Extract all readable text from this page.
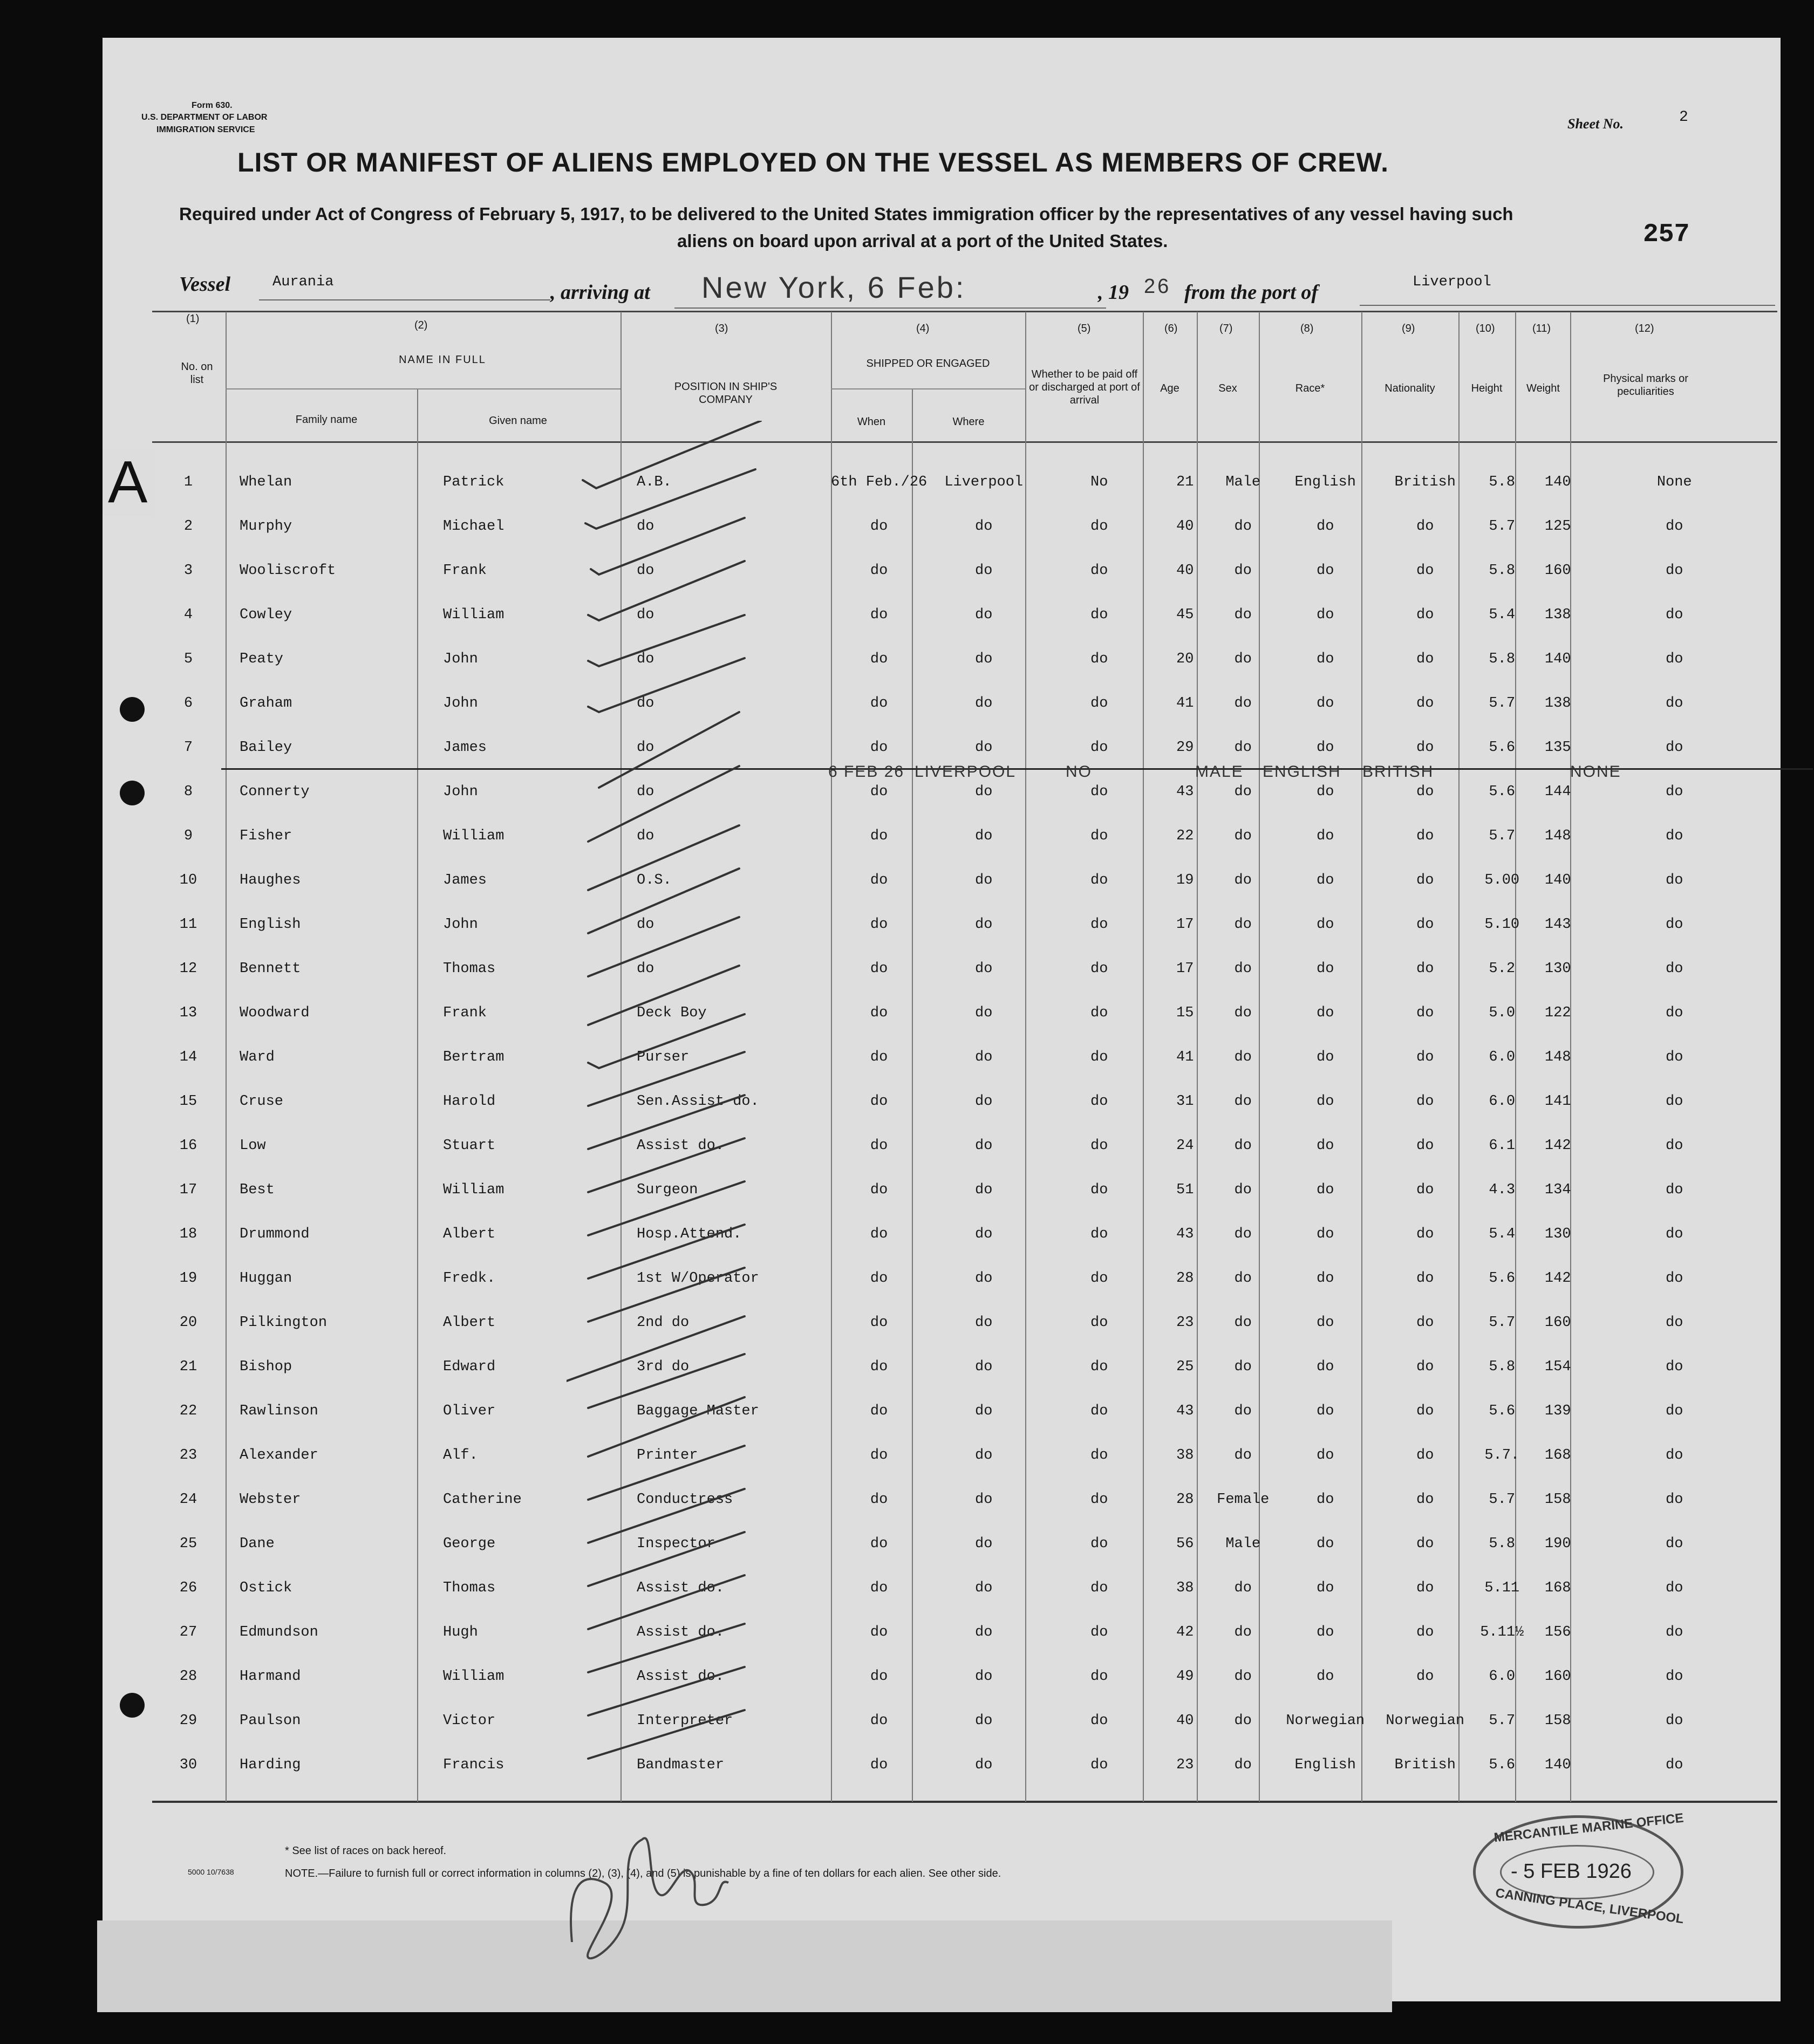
Form 630.
U.S. DEPARTMENT OF LABOR
IMMIGRATION SERVICE	Sheet No.	2
LIST OR MANIFEST OF ALIENS EMPLOYED ON THE VESSEL AS MEMBERS OF CREW.
Required under Act of Congress of February 5, 1917, to be delivered to the United States immigration officer by the representatives of any vessel having such
aliens on board upon arrival at a port of the United States.	257
Vessel	Aurania	, arriving at New York, 6 Feb:	, 19 26 from the port of	Liverpool
(1)
(2)	(3)	(4)	(5)	(6)	(7)	(8)	(9)	(10)	(11)	(12)
No. on list
NAME IN FULL
Family name	Given name
POSITION IN SHIP'S COMPANY
SHIPPED OR ENGAGED
When	Where
Whether to be paid off or discharged at port of arrival
Age	Sex	Race*	Nationality	Height	Weight
Physical marks or peculiarities
1	Whelan	Patrick	A.B.	6th Feb./26	Liverpool	No	21	Male	English	British	5.8	140	None
2	Murphy	Michael	do	do	do	do	40	do	do	do	5.7	125	do
3	Wooliscroft	Frank	do	do	do	do	40	do	do	do	5.8	160	do
4	Cowley	William	do	do	do	do	45	do	do	do	5.4	138	do
5	Peaty	John	do	do	do	do	20	do	do	do	5.8	140	do
6	Graham	John	do	do	do	do	41	do	do	do	5.7	138	do
7	Bailey	James	do	do	do	do	29	do	do	do	5.6	135	do
8	Connerty	John	do	do	do	do	43	do	do	do	5.6	144	do
9	Fisher	William	do	do	do	do	22	do	do	do	5.7	148	do
10	Haughes	James	O.S.	do	do	do	19	do	do	do	5.00	140	do
11	English	John	do	do	do	do	17	do	do	do	5.10	143	do
12	Bennett	Thomas	do	do	do	do	17	do	do	do	5.2	130	do
13	Woodward	Frank	Deck Boy	do	do	do	15	do	do	do	5.0	122	do
14	Ward	Bertram	Purser	do	do	do	41	do	do	do	6.0	148	do
15	Cruse	Harold	Sen.Assist do.	do	do	do	31	do	do	do	6.0	141	do
16	Low	Stuart	Assist do.	do	do	do	24	do	do	do	6.1	142	do
17	Best	William	Surgeon	do	do	do	51	do	do	do	4.3	134	do
18	Drummond	Albert	Hosp.Attend.	do	do	do	43	do	do	do	5.4	130	do
19	Huggan	Fredk.	1st W/Operator	do	do	do	28	do	do	do	5.6	142	do
20	Pilkington	Albert	2nd do	do	do	do	23	do	do	do	5.7	160	do
21	Bishop	Edward	3rd do	do	do	do	25	do	do	do	5.8	154	do
22	Rawlinson	Oliver	Baggage Master	do	do	do	43	do	do	do	5.6	139	do
23	Alexander	Alf.	Printer	do	do	do	38	do	do	do	5.7.	168	do
24	Webster	Catherine	Conductress	do	do	do	28	Female	do	do	5.7	158	do
25	Dane	George	Inspector	do	do	do	56	Male	do	do	5.8	190	do
26	Ostick	Thomas	Assist do.	do	do	do	38	do	do	do	5.11	168	do
27	Edmundson	Hugh	Assist do.	do	do	do	42	do	do	do	5.11½	156	do
28	Harmand	William	Assist do.	do	do	do	49	do	do	do	6.0	160	do
29	Paulson	Victor	Interpreter	do	do	do	40	do	Norwegian	Norwegian	5.7	158	do
30	Harding	Francis	Bandmaster	do	do	do	23	do	English	British	5.6	140	do
6 FEB 26 LIVERPOOL	NO	MALE ENGLISH BRITISH	NONE
A
* See list of races on back hereof.
NOTE.—Failure to furnish full or correct information in columns (2), (3), (4), and (5) is punishable by a fine of ten dollars for each alien. See other side.
5000 10/7638
MERCANTILE MARINE OFFICE
- 5 FEB 1926
CANNING PLACE, LIVERPOOL
